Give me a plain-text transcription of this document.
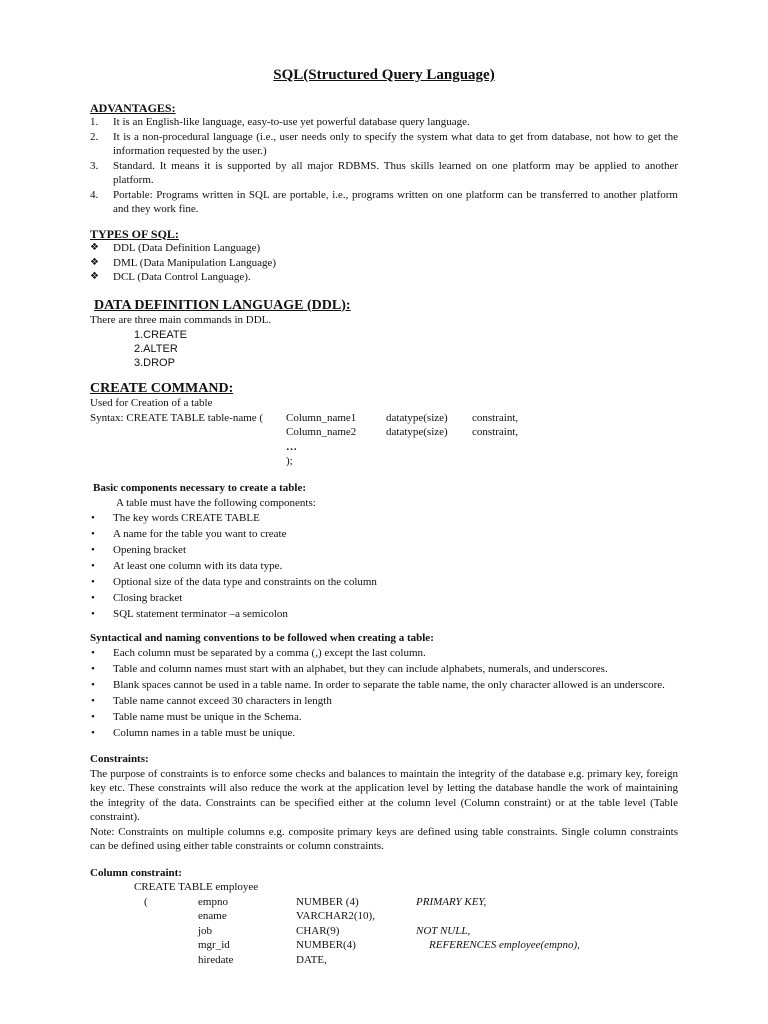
SQL(Structured Query Language)
ADVANTAGES:
1. It is an English-like language, easy-to-use yet powerful database query language.
2. It is a non-procedural language (i.e., user needs only to specify the system what data to get from database, not how to get the information requested by the user.)
3. Standard. It means it is supported by all major RDBMS. Thus skills learned on one platform may be applied to another platform.
4. Portable: Programs written in SQL are portable, i.e., programs written on one platform can be transferred to another platform and they work fine.
TYPES OF SQL:
❖ DDL (Data Definition Language)
❖ DML (Data Manipulation Language)
❖ DCL (Data Control Language).
DATA DEFINITION LANGUAGE (DDL):
There are three main commands in DDL.
1.CREATE
2.ALTER
3.DROP
CREATE COMMAND:
Used for Creation of a table
Syntax: CREATE TABLE table-name (	Column_name1	datatype(size)	constraint,
	Column_name2	datatype(size)	constraint,
	…		
	);		
Basic components necessary to create a table:
A table must have the following components:
• The key words CREATE TABLE
• A name for the table you want to create
• Opening bracket
• At least one column with its data type.
• Optional size of the data type and constraints on the column
• Closing bracket
• SQL statement terminator –a semicolon
Syntactical and naming conventions to be followed when creating a table:
• Each column must be separated by a comma (,) except the last column.
• Table and column names must start with an alphabet, but they can include alphabets, numerals, and underscores.
• Blank spaces cannot be used in a table name. In order to separate the table name, the only character allowed is an underscore.
• Table name cannot exceed 30 characters in length
• Table name must be unique in the Schema.
• Column names in a table must be unique.
Constraints:
The purpose of constraints is to enforce some checks and balances to maintain the integrity of the database e.g. primary key, foreign key etc. These constraints will also reduce the work at the application level by letting the database handle the work of maintaining the integrity of the data. Constraints can be specified either at the column level (Column constraint) or at the table level (Table constraint).
Note: Constraints on multiple columns e.g. composite primary keys are defined using table constraints. Single column constraints can be defined using either table constraints or column constraints.
Column constraint:
CREATE TABLE employee
(	empno	NUMBER (4)	PRIMARY KEY,
	ename	VARCHAR2(10),	
	job	CHAR(9)	NOT NULL,
	mgr_id	NUMBER(4)	REFERENCES employee(empno),
	hiredate	DATE,	
